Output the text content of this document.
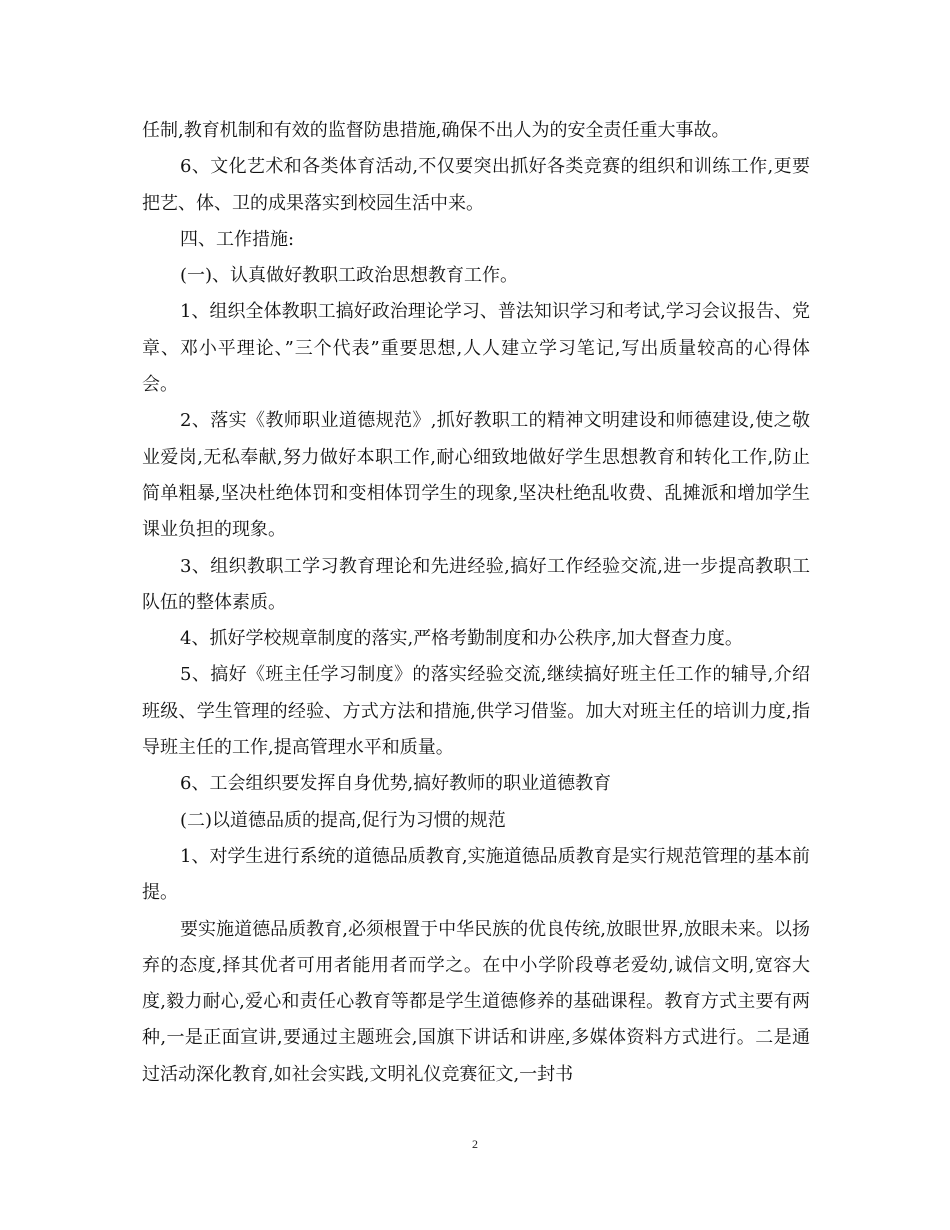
任制,教育机制和有效的监督防患措施,确保不出人为的安全责任重大事故。

6、文化艺术和各类体育活动,不仅要突出抓好各类竞赛的组织和训练工作,更要把艺、体、卫的成果落实到校园生活中来。

四、工作措施:

(一)、认真做好教职工政治思想教育工作。

1、组织全体教职工搞好政治理论学习、普法知识学习和考试,学习会议报告、党章、邓小平理论、”三个代表”重要思想,人人建立学习笔记,写出质量较高的心得体会。

2、落实《教师职业道德规范》,抓好教职工的精神文明建设和师德建设,使之敬业爱岗,无私奉献,努力做好本职工作,耐心细致地做好学生思想教育和转化工作,防止简单粗暴,坚决杜绝体罚和变相体罚学生的现象,坚决杜绝乱收费、乱摊派和增加学生课业负担的现象。

3、组织教职工学习教育理论和先进经验,搞好工作经验交流,进一步提高教职工队伍的整体素质。

4、抓好学校规章制度的落实,严格考勤制度和办公秩序,加大督查力度。

5、搞好《班主任学习制度》的落实经验交流,继续搞好班主任工作的辅导,介绍班级、学生管理的经验、方式方法和措施,供学习借鉴。加大对班主任的培训力度,指导班主任的工作,提高管理水平和质量。

6、工会组织要发挥自身优势,搞好教师的职业道德教育

(二)以道德品质的提高,促行为习惯的规范

1、对学生进行系统的道德品质教育,实施道德品质教育是实行规范管理的基本前提。

要实施道德品质教育,必须根置于中华民族的优良传统,放眼世界,放眼未来。以扬弃的态度,择其优者可用者能用者而学之。在中小学阶段尊老爱幼,诚信文明,宽容大度,毅力耐心,爱心和责任心教育等都是学生道德修养的基础课程。教育方式主要有两种,一是正面宣讲,要通过主题班会,国旗下讲话和讲座,多媒体资料方式进行。二是通过活动深化教育,如社会实践,文明礼仪竞赛征文,一封书

2
